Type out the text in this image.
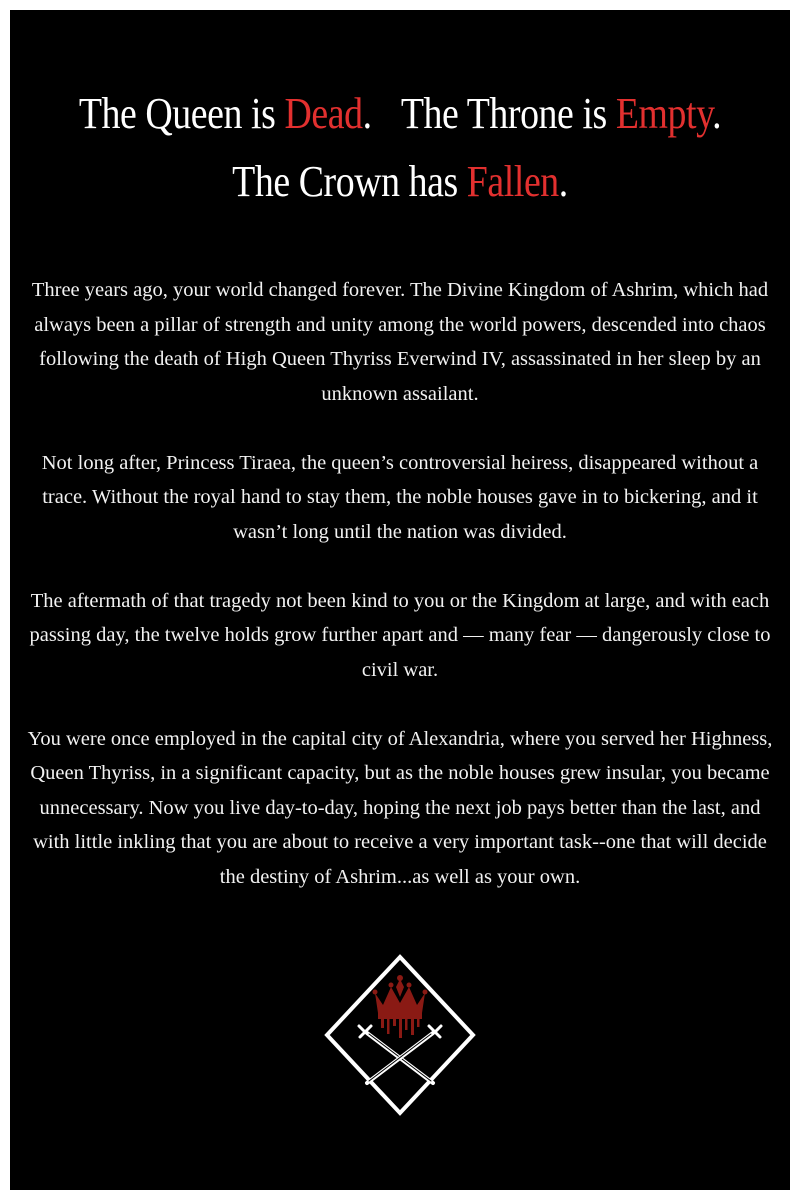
The Queen is Dead. The Throne is Empty.
The Crown has Fallen.

Three years ago, your world changed forever. The Divine Kingdom of Ashrim, which had always been a pillar of strength and unity among the world powers, descended into chaos following the death of High Queen Thyriss Everwind IV, assassinated in her sleep by an unknown assailant.

Not long after, Princess Tiraea, the queen’s controversial heiress, disappeared without a trace. Without the royal hand to stay them, the noble houses gave in to bickering, and it wasn’t long until the nation was divided.

The aftermath of that tragedy not been kind to you or the Kingdom at large, and with each passing day, the twelve holds grow further apart and — many fear — dangerously close to civil war.

You were once employed in the capital city of Alexandria, where you served her Highness, Queen Thyriss, in a significant capacity, but as the noble houses grew insular, you became unnecessary. Now you live day-to-day, hoping the next job pays better than the last, and with little inkling that you are about to receive a very important task--one that will decide the destiny of Ashrim...as well as your own.
